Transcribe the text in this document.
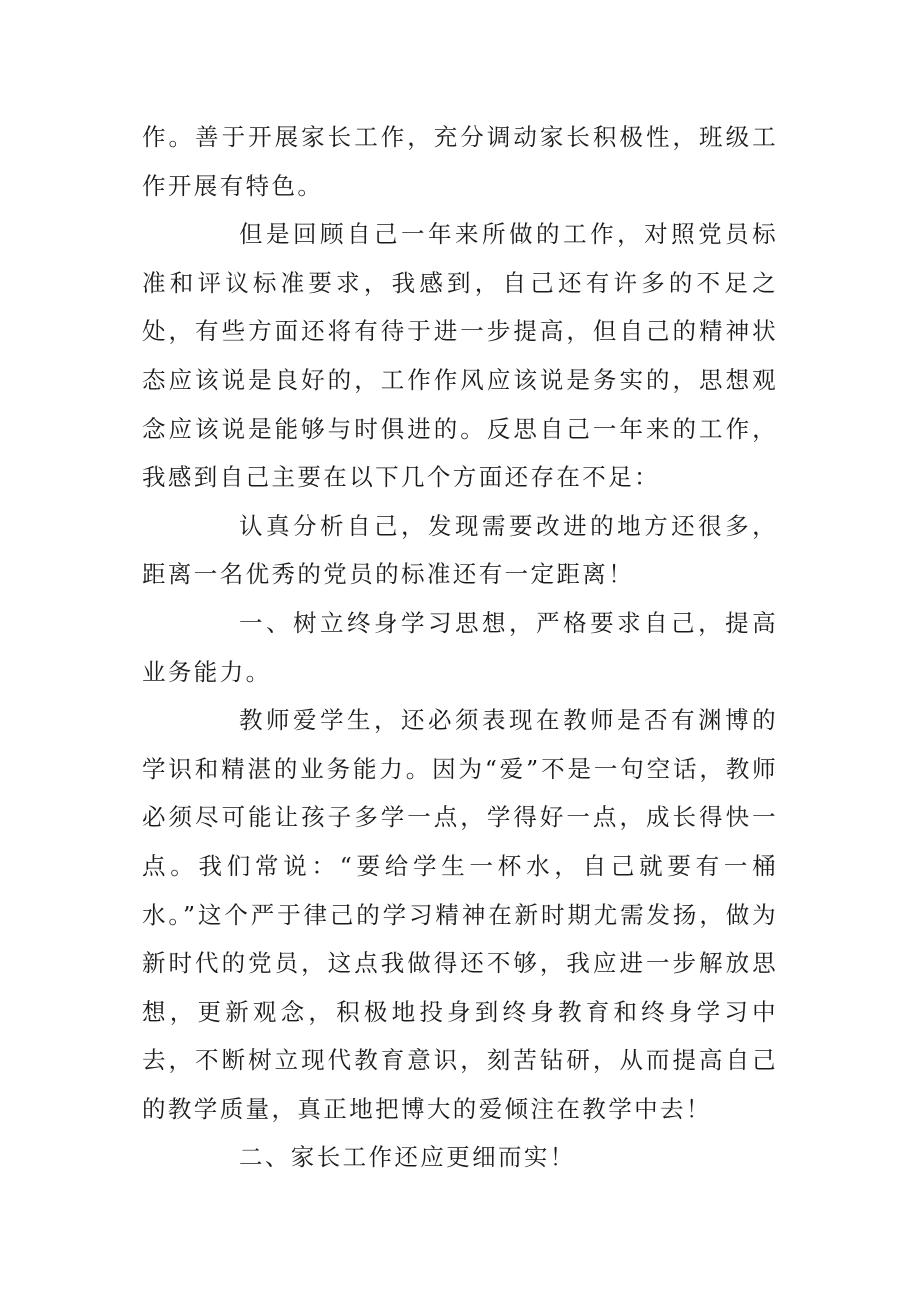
作。善于开展家长工作，充分调动家长积极性，班级工作开展有特色。

但是回顾自己一年来所做的工作，对照党员标准和评议标准要求，我感到，自己还有许多的不足之处，有些方面还将有待于进一步提高，但自己的精神状态应该说是良好的，工作作风应该说是务实的，思想观念应该说是能够与时俱进的。反思自己一年来的工作，我感到自己主要在以下几个方面还存在不足：

认真分析自己，发现需要改进的地方还很多，距离一名优秀的党员的标准还有一定距离！

一、树立终身学习思想，严格要求自己，提高业务能力。

教师爱学生，还必须表现在教师是否有渊博的学识和精湛的业务能力。因为“爱”不是一句空话，教师必须尽可能让孩子多学一点，学得好一点，成长得快一点。我们常说：“要给学生一杯水，自己就要有一桶水。”这个严于律己的学习精神在新时期尤需发扬，做为新时代的党员，这点我做得还不够，我应进一步解放思想，更新观念，积极地投身到终身教育和终身学习中去，不断树立现代教育意识，刻苦钻研，从而提高自己的教学质量，真正地把博大的爱倾注在教学中去！

二、家长工作还应更细而实！
